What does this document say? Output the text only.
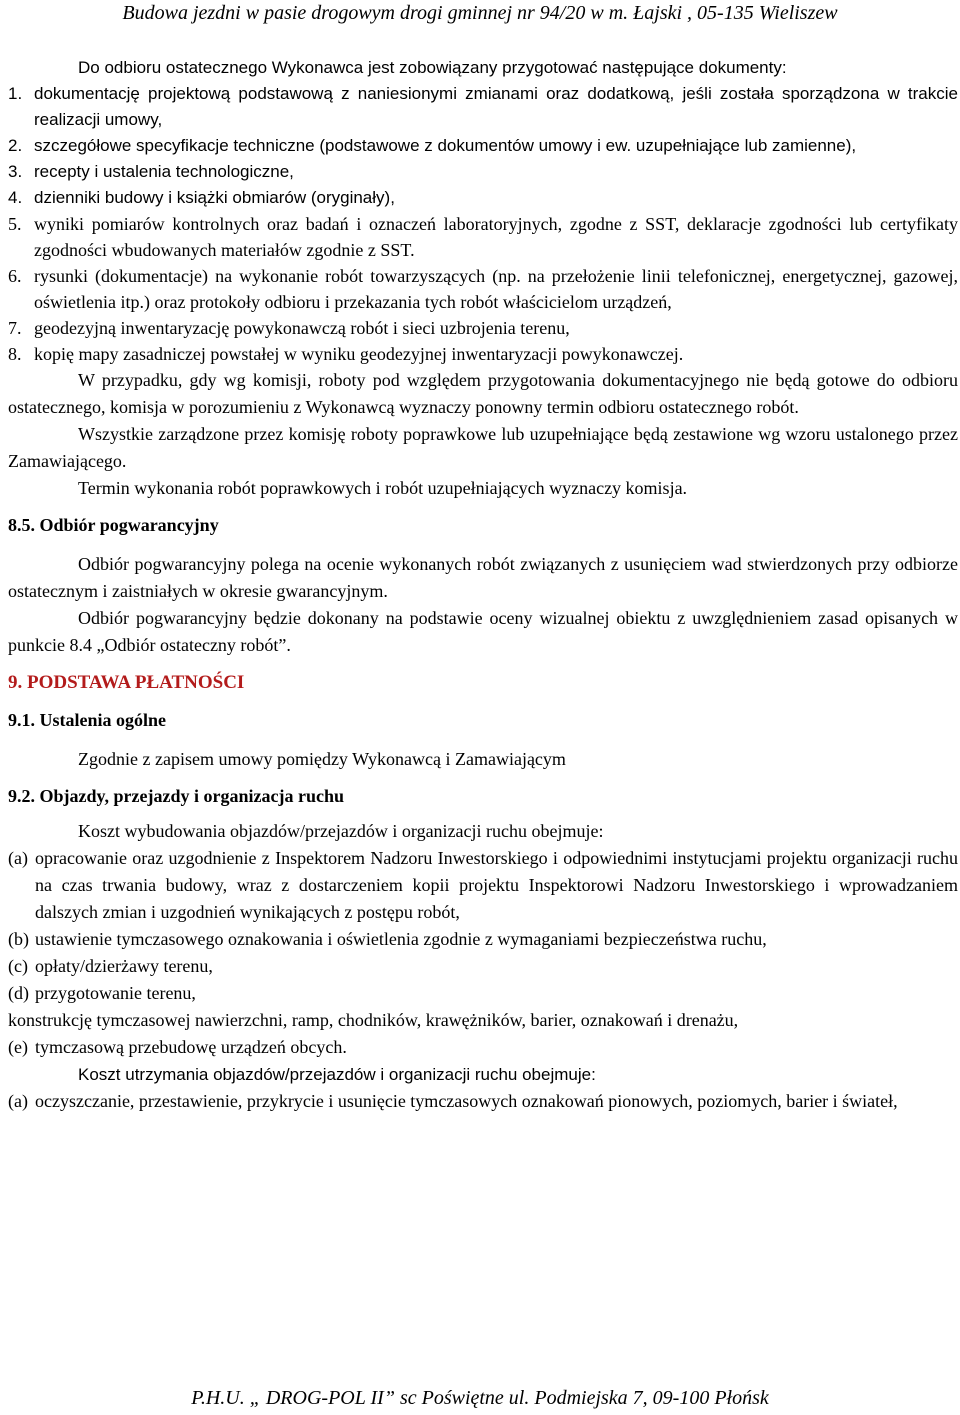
Budowa jezdni w pasie drogowym drogi gminnej nr 94/20 w m. Łajski , 05-135 Wieliszew

Do odbioru ostatecznego Wykonawca jest zobowiązany przygotować następujące dokumenty:

1. dokumentację projektową podstawową z naniesionymi zmianami oraz dodatkową, jeśli została sporządzona w trakcie realizacji umowy,
2. szczegółowe specyfikacje techniczne (podstawowe z dokumentów umowy i ew. uzupełniające lub zamienne),
3. recepty i ustalenia technologiczne,
4. dzienniki budowy i książki obmiarów (oryginały),
5. wyniki pomiarów kontrolnych oraz badań i oznaczeń laboratoryjnych, zgodne z SST, deklaracje zgodności lub certyfikaty zgodności wbudowanych materiałów zgodnie z SST.
6. rysunki (dokumentacje) na wykonanie robót towarzyszących (np. na przełożenie linii telefonicznej, energetycznej, gazowej, oświetlenia itp.) oraz protokoły odbioru i przekazania tych robót właścicielom urządzeń,
7. geodezyjną inwentaryzację powykonawczą robót i sieci uzbrojenia terenu,
8. kopię mapy zasadniczej powstałej w wyniku geodezyjnej inwentaryzacji powykonawczej.

W przypadku, gdy wg komisji, roboty pod względem przygotowania dokumentacyjnego nie będą gotowe do odbioru ostatecznego, komisja w porozumieniu z Wykonawcą wyznaczy ponowny termin odbioru ostatecznego robót.

Wszystkie zarządzone przez komisję roboty poprawkowe lub uzupełniające będą zestawione wg wzoru ustalonego przez Zamawiającego.

Termin wykonania robót poprawkowych i robót uzupełniających wyznaczy komisja.

8.5. Odbiór pogwarancyjny

Odbiór pogwarancyjny polega na ocenie wykonanych robót związanych z usunięciem wad stwierdzonych przy odbiorze ostatecznym i zaistniałych w okresie gwarancyjnym.

Odbiór pogwarancyjny będzie dokonany na podstawie oceny wizualnej obiektu z uwzględnieniem zasad opisanych w punkcie 8.4 „Odbiór ostateczny robót”.

9. PODSTAWA PŁATNOŚCI
9.1. Ustalenia ogólne

Zgodnie z zapisem umowy pomiędzy Wykonawcą i Zamawiającym

9.2. Objazdy, przejazdy i organizacja ruchu

Koszt wybudowania objazdów/przejazdów i organizacji ruchu obejmuje:

(a) opracowanie oraz uzgodnienie z Inspektorem Nadzoru Inwestorskiego i odpowiednimi instytucjami projektu organizacji ruchu na czas trwania budowy, wraz z dostarczeniem kopii projektu Inspektorowi Nadzoru Inwestorskiego i wprowadzaniem dalszych zmian i uzgodnień wynikających z postępu robót,
(b) ustawienie tymczasowego oznakowania i oświetlenia zgodnie z wymaganiami bezpieczeństwa ruchu,
(c) opłaty/dzierżawy terenu,
(d) przygotowanie terenu,

konstrukcję tymczasowej nawierzchni, ramp, chodników, krawężników, barier, oznakowań i drenażu,

(e) tymczasową przebudowę urządzeń obcych.

Koszt utrzymania objazdów/przejazdów i organizacji ruchu obejmuje:

(a) oczyszczanie, przestawienie, przykrycie i usunięcie tymczasowych oznakowań pionowych, poziomych, barier i świateł,
P.H.U. „ DROG-POL II” sc Poświętne ul. Podmiejska 7, 09-100 Płońsk
